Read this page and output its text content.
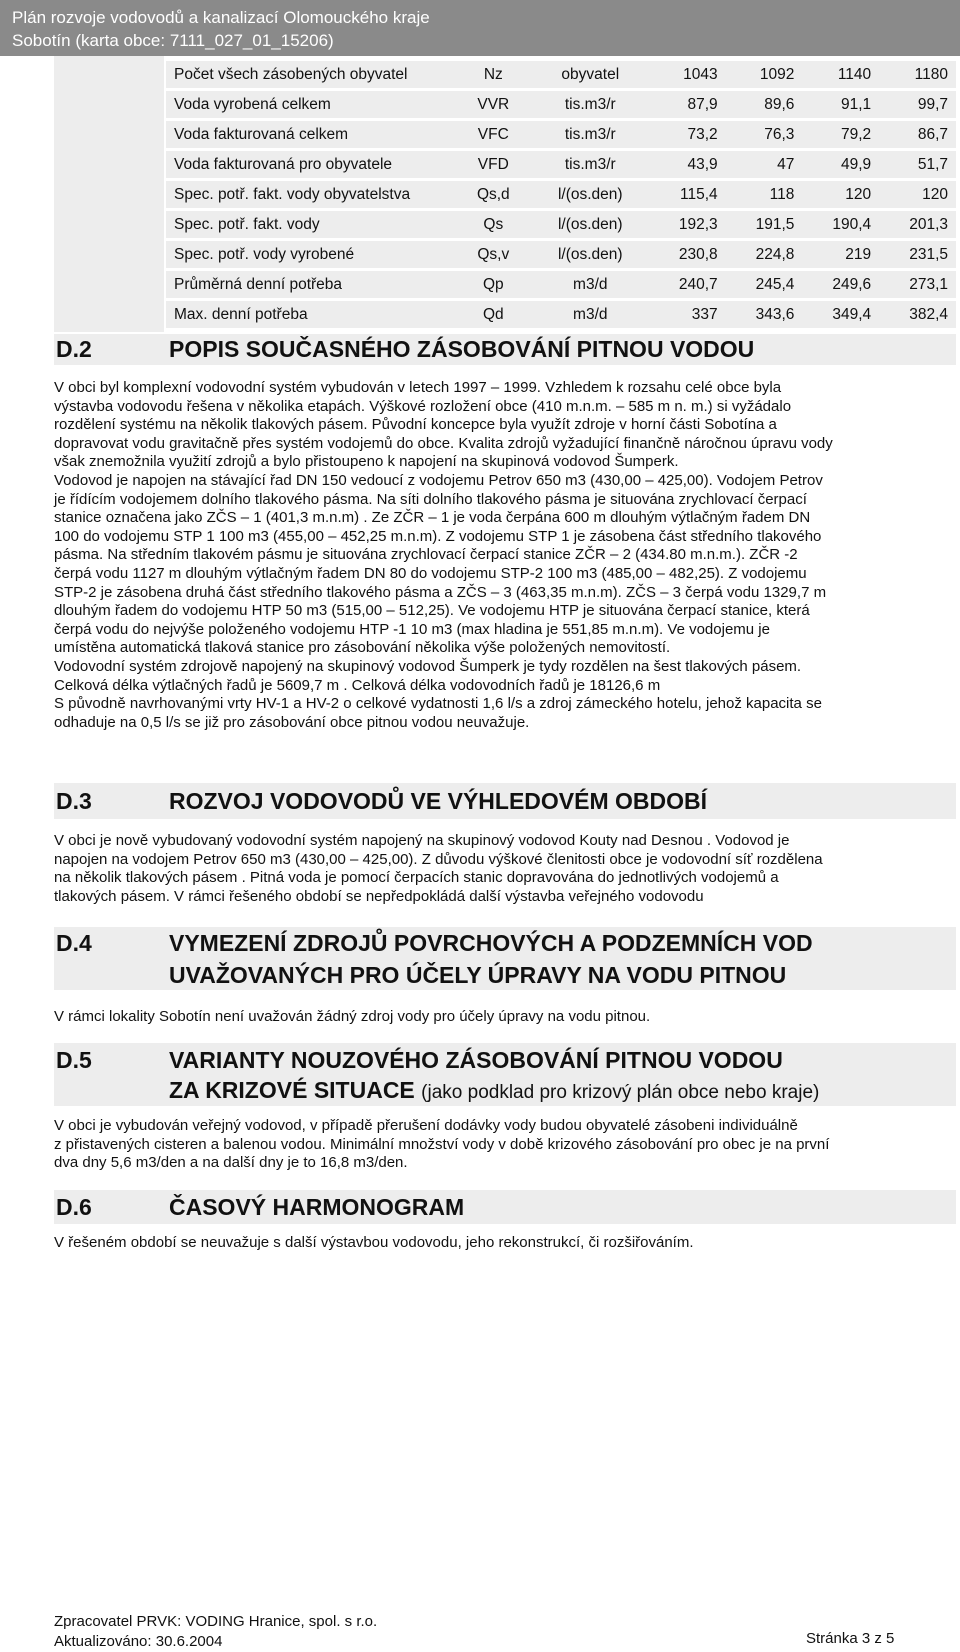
Plán rozvoje vodovodů a kanalizací Olomouckého kraje
Sobotín (karta obce: 7111_027_01_15206)
Počet všech zásobených obyvatel	Nz	obyvatel	1043	1092	1140	1180
Voda vyrobená celkem	VVR	tis.m3/r	87,9	89,6	91,1	99,7
Voda fakturovaná celkem	VFC	tis.m3/r	73,2	76,3	79,2	86,7
Voda fakturovaná pro obyvatele	VFD	tis.m3/r	43,9	47	49,9	51,7
Spec. potř. fakt. vody obyvatelstva	Qs,d	l/(os.den)	115,4	118	120	120
Spec. potř. fakt. vody	Qs	l/(os.den)	192,3	191,5	190,4	201,3
Spec. potř. vody vyrobené	Qs,v	l/(os.den)	230,8	224,8	219	231,5
Průměrná denní potřeba	Qp	m3/d	240,7	245,4	249,6	273,1
Max. denní potřeba	Qd	m3/d	337	343,6	349,4	382,4
D.2	POPIS SOUČASNÉHO ZÁSOBOVÁNÍ PITNOU VODOU
V obci byl komplexní vodovodní systém vybudován v letech 1997 – 1999. Vzhledem k rozsahu celé obce byla
výstavba vodovodu řešena v několika etapách. Výškové rozložení obce (410 m.n.m. – 585 m n. m.) si vyžádalo
rozdělení systému na několik tlakových pásem. Původní koncepce byla využít zdroje v horní části Sobotína a
dopravovat vodu gravitačně přes systém vodojemů do obce. Kvalita zdrojů vyžadující finančně náročnou úpravu vody
však znemožnila využití zdrojů a bylo přistoupeno k napojení na skupinová vodovod Šumperk.
Vodovod je napojen na stávající řad DN 150 vedoucí z vodojemu Petrov 650 m3 (430,00 – 425,00). Vodojem Petrov
je řídícím vodojemem dolního tlakového pásma. Na síti dolního tlakového pásma je situována zrychlovací čerpací
stanice označena jako ZČS – 1 (401,3 m.n.m) . Ze ZČR – 1 je voda čerpána 600 m dlouhým výtlačným řadem DN
100 do vodojemu STP 1 100 m3 (455,00 – 452,25 m.n.m). Z vodojemu STP 1 je zásobena část středního tlakového
pásma. Na středním tlakovém pásmu je situována zrychlovací čerpací stanice ZČR – 2 (434.80 m.n.m.). ZČR -2
čerpá vodu 1127 m dlouhým výtlačným řadem DN 80 do vodojemu STP-2 100 m3 (485,00 – 482,25). Z vodojemu
STP-2 je zásobena druhá část středního tlakového pásma a ZČS – 3 (463,35 m.n.m). ZČS – 3 čerpá vodu 1329,7 m
dlouhým řadem do vodojemu HTP 50 m3 (515,00 – 512,25). Ve vodojemu HTP je situována čerpací stanice, která
čerpá vodu do nejvýše položeného vodojemu HTP -1 10 m3 (max hladina je 551,85 m.n.m). Ve vodojemu je
umístěna automatická tlaková stanice pro zásobování několika výše položených nemovitostí.
Vodovodní systém zdrojově napojený na skupinový vodovod Šumperk je tydy rozdělen na šest tlakových pásem.
Celková délka výtlačných řadů je 5609,7 m . Celková délka vodovodních řadů je 18126,6 m
S původně navrhovanými vrty HV-1 a HV-2 o celkové vydatnosti 1,6 l/s a zdroj zámeckého hotelu, jehož kapacita se
odhaduje na 0,5 l/s se již pro zásobování obce pitnou vodou neuvažuje.
D.3	ROZVOJ VODOVODŮ VE VÝHLEDOVÉM OBDOBÍ
V obci je nově vybudovaný vodovodní systém napojený na skupinový vodovod Kouty nad Desnou . Vodovod je
napojen na vodojem Petrov 650 m3 (430,00 – 425,00). Z důvodu výškové členitosti obce je vodovodní síť rozdělena
na několik tlakových pásem . Pitná voda je pomocí čerpacích stanic dopravována do jednotlivých vodojemů a
tlakových pásem. V rámci řešeného období se nepředpokládá další výstavba veřejného vodovodu
D.4	VYMEZENÍ ZDROJŮ POVRCHOVÝCH A PODZEMNÍCH VOD
UVAŽOVANÝCH PRO ÚČELY ÚPRAVY NA VODU PITNOU
V rámci lokality Sobotín není uvažován žádný zdroj vody pro účely úpravy na vodu pitnou.
D.5	VARIANTY NOUZOVÉHO ZÁSOBOVÁNÍ PITNOU VODOU
ZA KRIZOVÉ SITUACE (jako podklad pro krizový plán obce nebo kraje)
V obci je vybudován veřejný vodovod, v případě přerušení dodávky vody budou obyvatelé zásobeni individuálně
z přistavených cisteren a balenou vodou. Minimální množství vody v době krizového zásobování pro obec je na první
dva dny 5,6 m3/den a na další dny je to 16,8 m3/den.
D.6	ČASOVÝ HARMONOGRAM
V řešeném období se neuvažuje s další výstavbou vodovodu, jeho rekonstrukcí, či rozšiřováním.
Zpracovatel PRVK: VODING Hranice, spol. s r.o.
Aktualizováno: 30.6.2004	Stránka 3 z 5
